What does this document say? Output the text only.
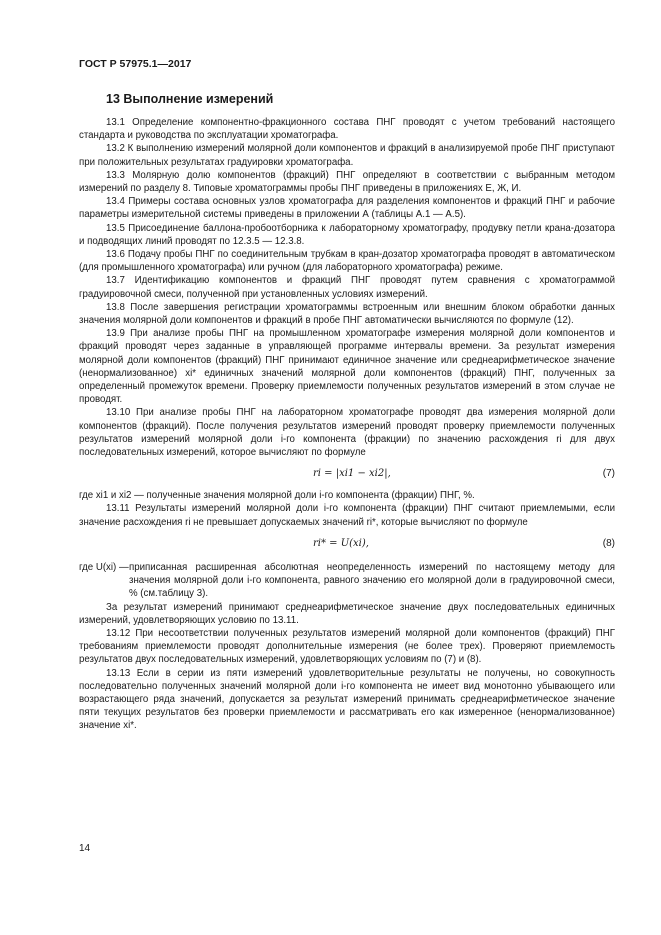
ГОСТ Р 57975.1—2017
13 Выполнение измерений

13.1 Определение компонентно-фракционного состава ПНГ проводят с учетом требований настоящего стандарта и руководства по эксплуатации хроматографа.

13.2 К выполнению измерений молярной доли компонентов и фракций в анализируемой пробе ПНГ приступают при положительных результатах градуировки хроматографа.

13.3 Молярную долю компонентов (фракций) ПНГ определяют в соответствии с выбранным методом измерений по разделу 8. Типовые хроматограммы пробы ПНГ приведены в приложениях Е, Ж, И.

13.4 Примеры состава основных узлов хроматографа для разделения компонентов и фракций ПНГ и рабочие параметры измерительной системы приведены в приложении А (таблицы А.1 — А.5).

13.5 Присоединение баллона-пробоотборника к лабораторному хроматографу, продувку петли крана-дозатора и подводящих линий проводят по 12.3.5 — 12.3.8.

13.6 Подачу пробы ПНГ по соединительным трубкам в кран-дозатор хроматографа проводят в автоматическом (для промышленного хроматографа) или ручном (для лабораторного хроматографа) режиме.

13.7 Идентификацию компонентов и фракций ПНГ проводят путем сравнения с хроматограммой градуировочной смеси, полученной при установленных условиях измерений.

13.8 После завершения регистрации хроматограммы встроенным или внешним блоком обработки данных значения молярной доли компонентов и фракций в пробе ПНГ автоматически вычисляются по формуле (12).

13.9 При анализе пробы ПНГ на промышленном хроматографе измерения молярной доли компонентов и фракций проводят через заданные в управляющей программе интервалы времени. За результат измерения молярной доли компонентов (фракций) ПНГ принимают единичное значение или среднеарифметическое значение (ненормализованное) xi* единичных значений молярной доли компонентов (фракций) ПНГ, полученных за определенный промежуток времени. Проверку приемлемости полученных результатов измерений в этом случае не проводят.

13.10 При анализе пробы ПНГ на лабораторном хроматографе проводят два измерения молярной доли компонентов (фракций). После получения результатов измерений проводят проверку приемлемости полученных результатов измерений молярной доли i-го компонента (фракции) по значению расхождения ri для двух последовательных измерений, которое вычисляют по формуле

ri = |xi1 − xi2|,	(7)

где xi1 и xi2 — полученные значения молярной доли i-го компонента (фракции) ПНГ, %.

13.11 Результаты измерений молярной доли i-го компонента (фракции) ПНГ считают приемлемыми, если значение расхождения ri не превышает допускаемых значений ri*, которые вычисляют по формуле

ri* = U(xi),	(8)
где U(xi) — приписанная расширенная абсолютная неопределенность измерений по настоящему методу для значения молярной доли i-го компонента, равного значению его молярной доли в градуировочной смеси, % (см.таблицу 3).

За результат измерений принимают среднеарифметическое значение двух последовательных единичных измерений, удовлетворяющих условию по 13.11.

13.12 При несоответствии полученных результатов измерений молярной доли компонентов (фракций) ПНГ требованиям приемлемости проводят дополнительные измерения (не более трех). Проверяют приемлемость результатов двух последовательных измерений, удовлетворяющих условиям по (7) и (8).

13.13 Если в серии из пяти измерений удовлетворительные результаты не получены, но совокупность последовательно полученных значений молярной доли i-го компонента не имеет вид монотонно убывающего или возрастающего ряда значений, допускается за результат измерений принимать среднеарифметическое значение пяти текущих результатов без проверки приемлемости и рассматривать его как измеренное (ненормализованное) значение xi*.

14
